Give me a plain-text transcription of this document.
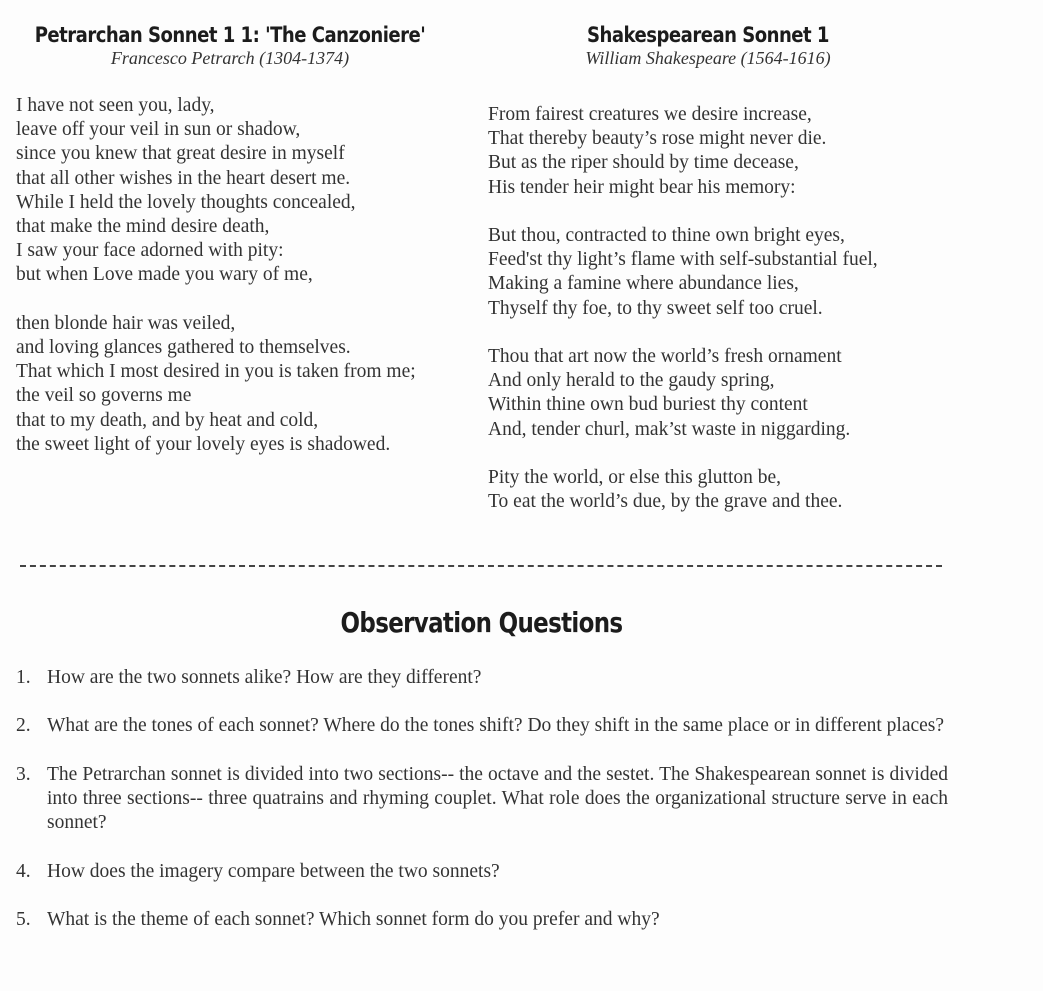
Petrarchan Sonnet 1 1: 'The Canzoniere'
Francesco Petrarch (1304-1374)
I have not seen you, lady,
leave off your veil in sun or shadow,
since you knew that great desire in myself
that all other wishes in the heart desert me.
While I held the lovely thoughts concealed,
that make the mind desire death,
I saw your face adorned with pity:
but when Love made you wary of me,
then blonde hair was veiled,
and loving glances gathered to themselves.
That which I most desired in you is taken from me;
the veil so governs me
that to my death, and by heat and cold,
the sweet light of your lovely eyes is shadowed.
Shakespearean Sonnet 1
William Shakespeare (1564-1616)
From fairest creatures we desire increase,
That thereby beauty’s rose might never die.
But as the riper should by time decease,
His tender heir might bear his memory:
But thou, contracted to thine own bright eyes,
Feed'st thy light’s flame with self-substantial fuel,
Making a famine where abundance lies,
Thyself thy foe, to thy sweet self too cruel.
Thou that art now the world’s fresh ornament
And only herald to the gaudy spring,
Within thine own bud buriest thy content
And, tender churl, mak’st waste in niggarding.
Pity the world, or else this glutton be,
To eat the world’s due, by the grave and thee.
Observation Questions
1. How are the two sonnets alike? How are they different?
2. What are the tones of each sonnet? Where do the tones shift? Do they shift in the same place or in different places?
3. The Petrarchan sonnet is divided into two sections-- the octave and the sestet. The Shakespearean sonnet is divided into three sections-- three quatrains and rhyming couplet. What role does the organizational structure serve in each sonnet?
4. How does the imagery compare between the two sonnets?
5. What is the theme of each sonnet? Which sonnet form do you prefer and why?
